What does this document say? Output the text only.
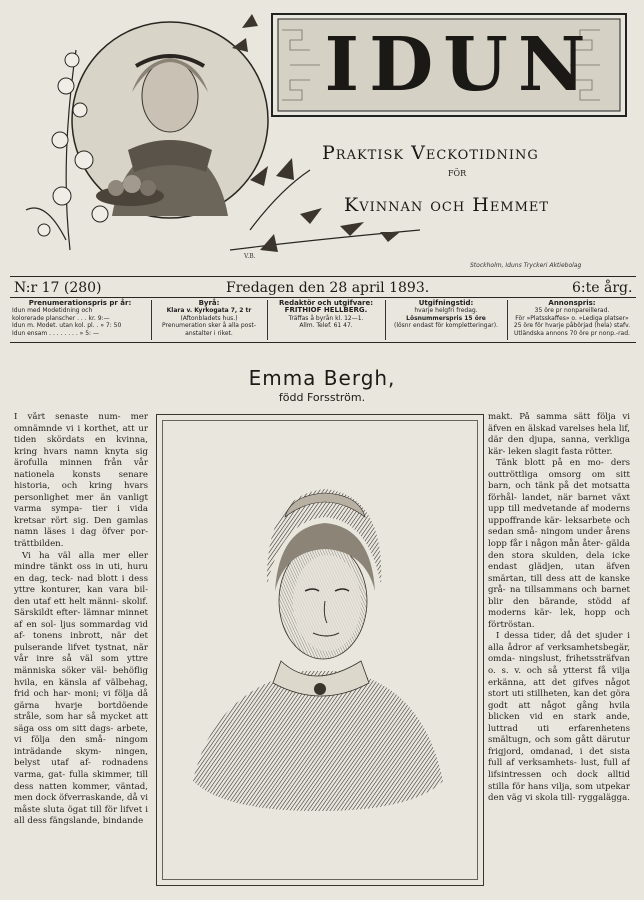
V.B.
IDUN
Praktisk Veckotidning
för
Kvinnan och Hemmet
Stockholm, Iduns Tryckeri Aktiebolag
N:r 17 (280)	Fredagen den 28 april 1893.	6:te årg.
Prenumerationspris pr år:
Idun med Modetidning och
kolorerade planscher . . . kr. 9:—
Idun m. Modet. utan kol. pl. . » 7: 50
Idun ensam . . . . . . . . » 5: —
Byrå:
Klara v. Kyrkogata 7, 2 tr
(Aftonbladets hus.)
Prenumeration sker å alla post-
anstalter i riket.
Redaktör och utgifvare:
FRITHIOF HELLBERG.
Träffas å byrån kl. 12—1.
Allm. Telef. 61 47.
Utgifningstid:
hvarje helgfri fredag.
Lösnummerspris 15 öre
(lösnr endast för kompletteringar).
Annonspris:
35 öre pr nonpareillerad.
För »Platsskaffes» o. »Lediga platser»
25 öre för hvarje påbörjad (hela) stafv.
Utländska annons 70 öre pr nonp.-rad.
Emma Bergh,
född Forsström.

I vårt senaste num- mer omnämnde vi i korthet, att ur tiden skördats en kvinna, kring hvars namn knyta sig ärofulla minnen från vår nationela konsts senare historia, och kring hvars personlighet mer än vanligt varma sympa- tier i vida kretsar rört sig. Den gamlas namn läses i dag öfver por- trättbilden.

Vi ha väl alla mer eller mindre tänkt oss in uti, huru en dag, teck- nad blott i dess yttre konturer, kan vara bil- den utaf ett helt männi- skolif. Särskildt efter- lämnar minnet af en sol- ljus sommardag vid af- tonens inbrott, när det pulserande lifvet tystnat, när vår inre så väl som yttre människa söker väl- behöflig hvila, en känsla af välbehag, frid och har- moni; vi följa då gärna hvarje bortdöende stråle, som har så mycket att säga oss om sitt dags- arbete, vi följa den små- ningom inträdande skym- ningen, belyst utaf af- rodnadens varma, gat- fulla skimmer, till dess natten kommer, väntad, men dock öfverraskande, då vi måste sluta ögat till för lifvet i all dess fängslande, bindande

makt. På samma sätt följa vi äfven en älskad varelses hela lif, där den djupa, sanna, verkliga kär- leken slagit fasta rötter.

Tänk blott på en mo- ders outtröttliga omsorg om sitt barn, och tänk på det motsatta förhål- landet, när barnet växt upp till medvetande af moderns uppoffrande kär- leksarbete och sedan små- ningom under årens lopp får i någon mån åter- gälda den stora skulden, dela icke endast glädjen, utan äfven smärtan, till dess att de kanske grå- na tillsammans och barnet blir den bärande, stödd af moderns kär- lek, hopp och förtröstan.

I dessa tider, då det sjuder i alla ådror af verksamhetsbegär, omda- ningslust, frihetssträfvan o. s. v. och så ytterst få vilja erkänna, att det gifves något stort uti stillheten, kan det göra godt att något gång hvila blicken vid en stark ande, luttrad uti erfarenhetens smältugn, och som gått därutur frigjord, omdanad, i det sista full af verksamhets- lust, full af lifsintressen och dock alltid stilla för hans vilja, som utpekar den väg vi skola till- ryggalägga.
